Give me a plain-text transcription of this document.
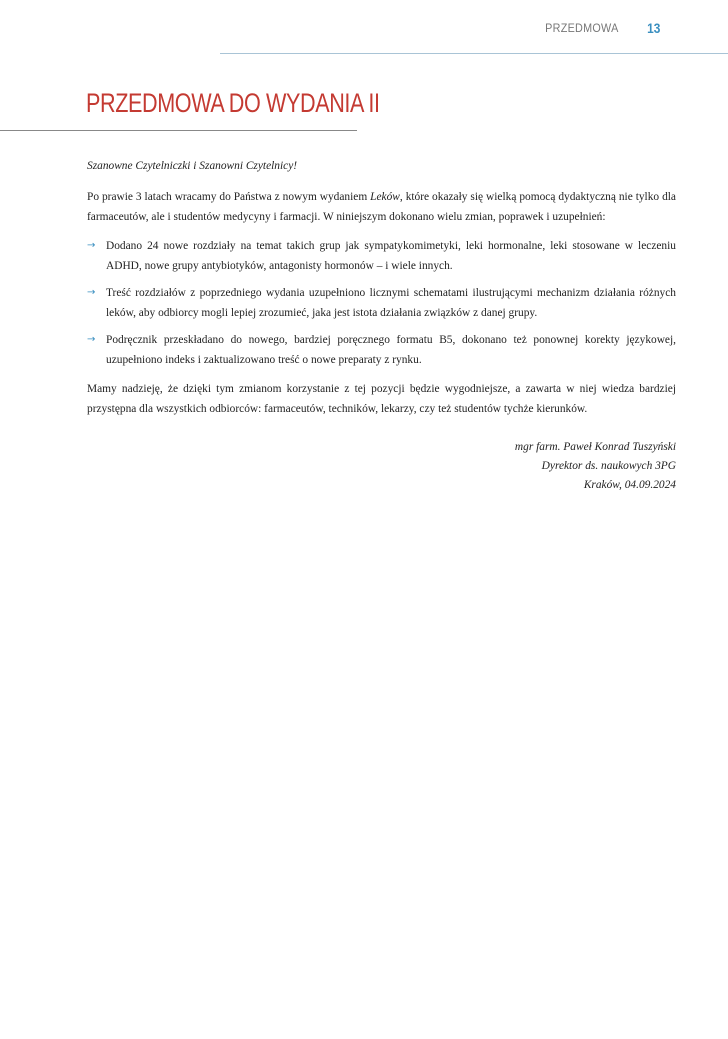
PRZEDMOWA 13
PRZEDMOWA DO WYDANIA II

Szanowne Czytelniczki i Szanowni Czytelnicy!

Po prawie 3 latach wracamy do Państwa z nowym wydaniem Leków, które okazały się wielką pomocą dydaktyczną nie tylko dla farmaceutów, ale i studentów medycyny i farmacji. W niniejszym dokonano wielu zmian, poprawek i uzupełnień:

→ Dodano 24 nowe rozdziały na temat takich grup jak sympatykomimetyki, leki hormonalne, leki stosowane w leczeniu ADHD, nowe grupy antybiotyków, antagonisty hormonów – i wiele innych.
→ Treść rozdziałów z poprzedniego wydania uzupełniono licznymi schematami ilustrującymi mechanizm działania różnych leków, aby odbiorcy mogli lepiej zrozumieć, jaka jest istota działania związków z danej grupy.
→ Podręcznik przeskładano do nowego, bardziej poręcznego formatu B5, dokonano też ponownej korekty językowej, uzupełniono indeks i zaktualizowano treść o nowe preparaty z rynku.

Mamy nadzieję, że dzięki tym zmianom korzystanie z tej pozycji będzie wygodniejsze, a zawarta w niej wiedza bardziej przystępna dla wszystkich odbiorców: farmaceutów, techników, lekarzy, czy też studentów tychże kierunków.

mgr farm. Paweł Konrad Tuszyński
Dyrektor ds. naukowych 3PG
Kraków, 04.09.2024
